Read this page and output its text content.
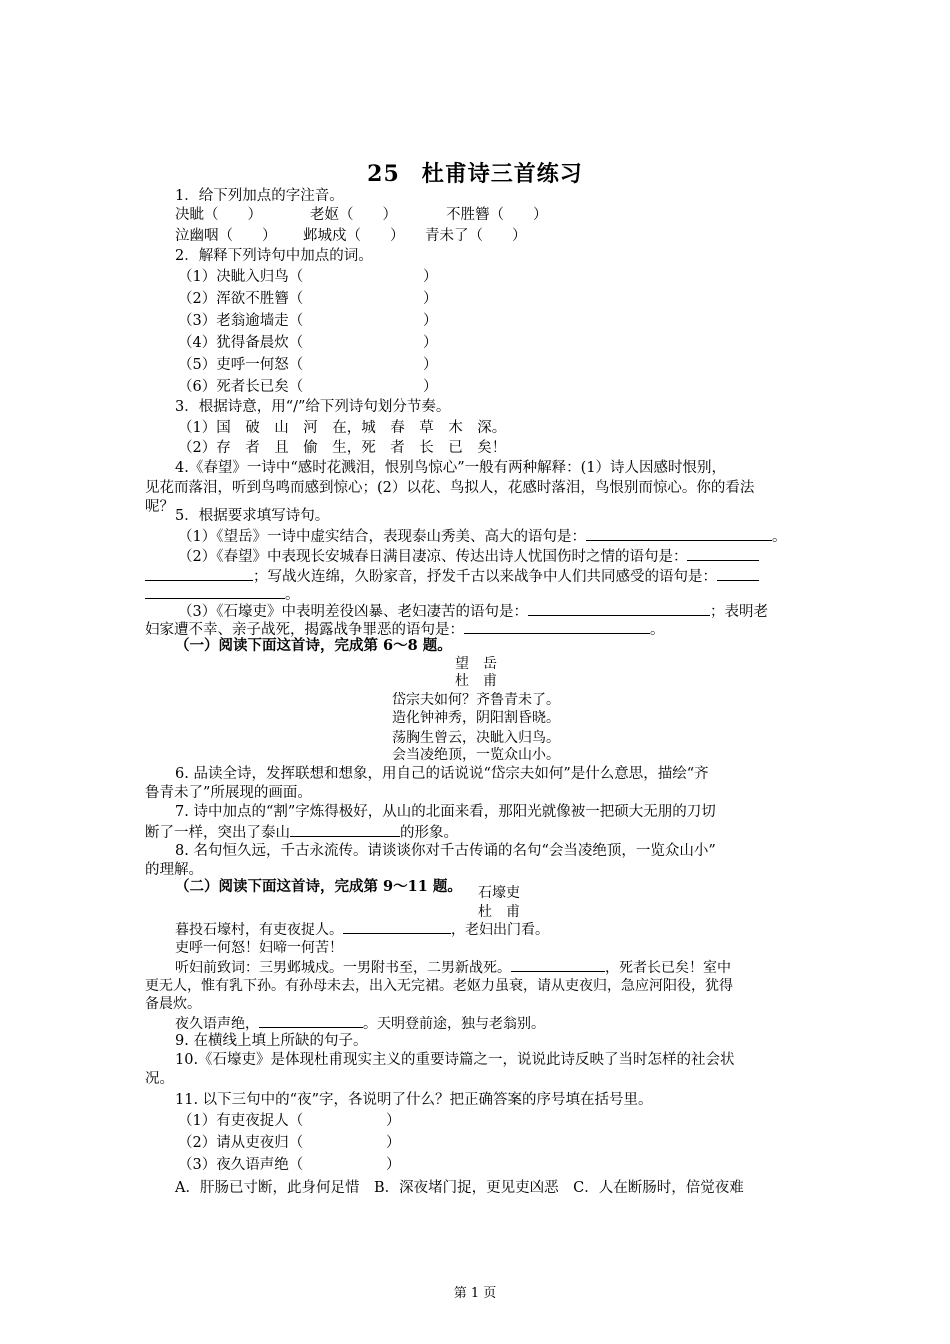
25 杜甫诗三首练习
1．给下列加点的字注音。
决眦（　　）	老妪（　　）	不胜簪（　　）
泣幽咽（　　） 邺城戍（　　） 青未了（　　）
2．解释下列诗句中加点的词。
（1）决眦入归鸟（	）
（2）浑欲不胜簪（	）
（3）老翁逾墙走（	）
（4）犹得备晨炊（	）
（5）吏呼一何怒（	）
（6）死者长已矣（	）
3．根据诗意，用“/”给下列诗句划分节奏。
（1）国　破　山　河　在，城　春　草　木　深。
（2）存　者　且　偷　生，死　者　长　已　矣！
4.《春望》一诗中“感时花溅泪，恨别鸟惊心”一般有两种解释：(1）诗人因感时恨别，
见花而落泪，听到鸟鸣而感到惊心；(2）以花、鸟拟人，花感时落泪，鸟恨别而惊心。你的看法
呢？
5．根据要求填写诗句。
（1）《望岳》一诗中虚实结合，表现泰山秀美、高大的语句是：	。
（2）《春望》中表现长安城春日满目凄凉、传达出诗人忧国伤时之情的语句是：
；写战火连绵，久盼家音，抒发千古以来战争中人们共同感受的语句是：
。
（3）《石壕吏》中表明差役凶暴、老妇凄苦的语句是：	；表明老
妇家遭不幸、亲子战死，揭露战争罪恶的语句是：	。
（一）阅读下面这首诗，完成第 6～8 题。
望　岳
杜　甫
岱宗夫如何？齐鲁青未了。
造化钟神秀，阴阳割昏晓。
荡胸生曾云，决眦入归鸟。
会当凌绝顶，一览众山小。
6. 品读全诗，发挥联想和想象，用自己的话说说“岱宗夫如何”是什么意思，描绘“齐
鲁青未了”所展现的画面。
7. 诗中加点的“割”字炼得极好，从山的北面来看，那阳光就像被一把硕大无朋的刀切
断了一样，突出了泰山	的形象。
8. 名句恒久远，千古永流传。请谈谈你对千古传诵的名句“会当凌绝顶，一览众山小”
的理解。
（二）阅读下面这首诗，完成第 9～11 题。	石壕吏
杜　甫
暮投石壕村，有吏夜捉人。	，老妇出门看。
吏呼一何怒！妇啼一何苦！
听妇前致词：三男邺城戍。一男附书至，二男新战死。	，死者长已矣！室中
更无人，惟有乳下孙。有孙母未去，出入无完裙。老妪力虽衰，请从吏夜归，急应河阳役，犹得
备晨炊。
夜久语声绝，	。天明登前途，独与老翁别。
9. 在横线上填上所缺的句子。
10.《石壕吏》是体现杜甫现实主义的重要诗篇之一，说说此诗反映了当时怎样的社会状
况。
11. 以下三句中的“夜”字，各说明了什么？把正确答案的序号填在括号里。
（1）有吏夜捉人（	）
（2）请从吏夜归（	）
（3）夜久语声绝（	）
A．肝肠已寸断，此身何足惜　B．深夜堵门捉，更见吏凶恶　C．人在断肠时，倍觉夜难
第 1 页
